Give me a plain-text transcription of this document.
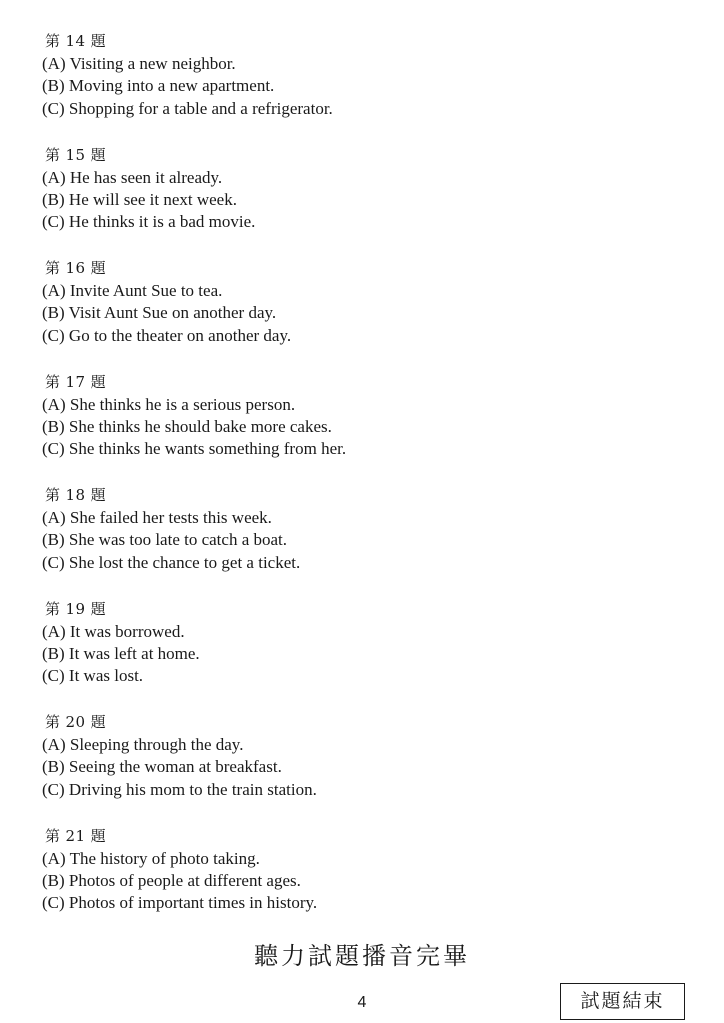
第 14 題
(A) Visiting a new neighbor.
(B) Moving into a new apartment.
(C) Shopping for a table and a refrigerator.
第 15 題
(A) He has seen it already.
(B) He will see it next week.
(C) He thinks it is a bad movie.
第 16 題
(A) Invite Aunt Sue to tea.
(B) Visit Aunt Sue on another day.
(C) Go to the theater on another day.
第 17 題
(A) She thinks he is a serious person.
(B) She thinks he should bake more cakes.
(C) She thinks he wants something from her.
第 18 題
(A) She failed her tests this week.
(B) She was too late to catch a boat.
(C) She lost the chance to get a ticket.
第 19 題
(A) It was borrowed.
(B) It was left at home.
(C) It was lost.
第 20 題
(A) Sleeping through the day.
(B) Seeing the woman at breakfast.
(C) Driving his mom to the train station.
第 21 題
(A) The history of photo taking.
(B) Photos of people at different ages.
(C) Photos of important times in history.
聽力試題播音完畢
4	試題結束
